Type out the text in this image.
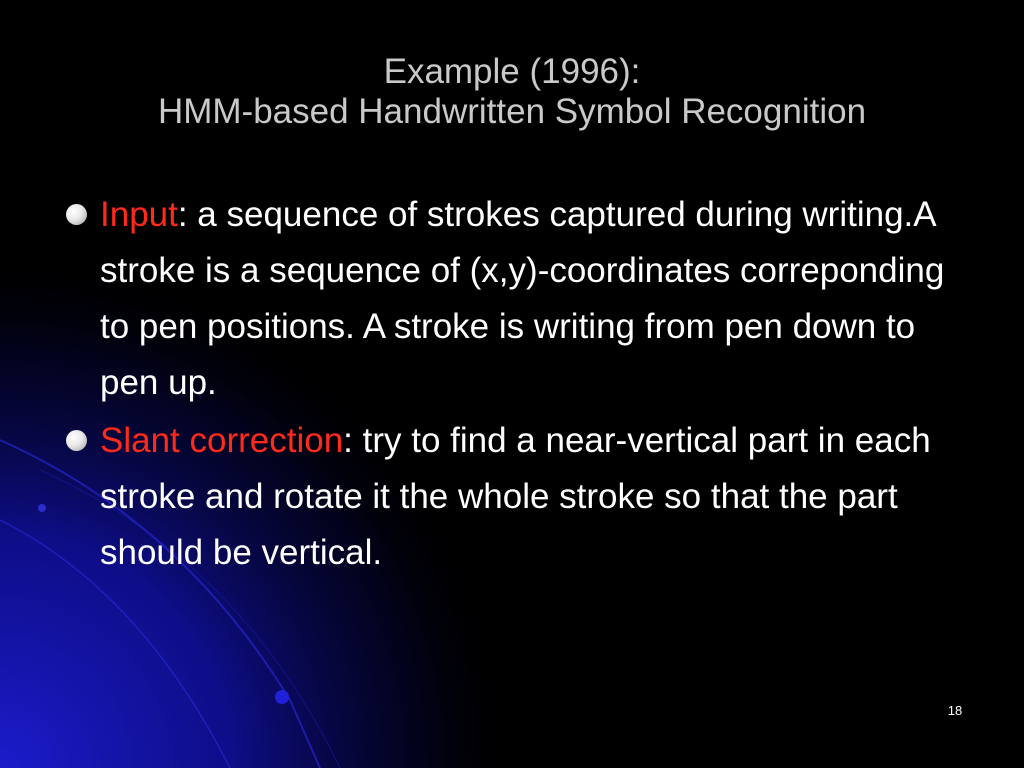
Example (1996):
HMM-based Handwritten Symbol Recognition
Input: a sequence of strokes captured during writing.A stroke is a sequence of (x,y)-coordinates correponding to pen positions. A stroke is writing from pen down to pen up.
Slant correction: try to find a near-vertical part in each stroke and rotate it the whole stroke so that the part should be vertical.
18
